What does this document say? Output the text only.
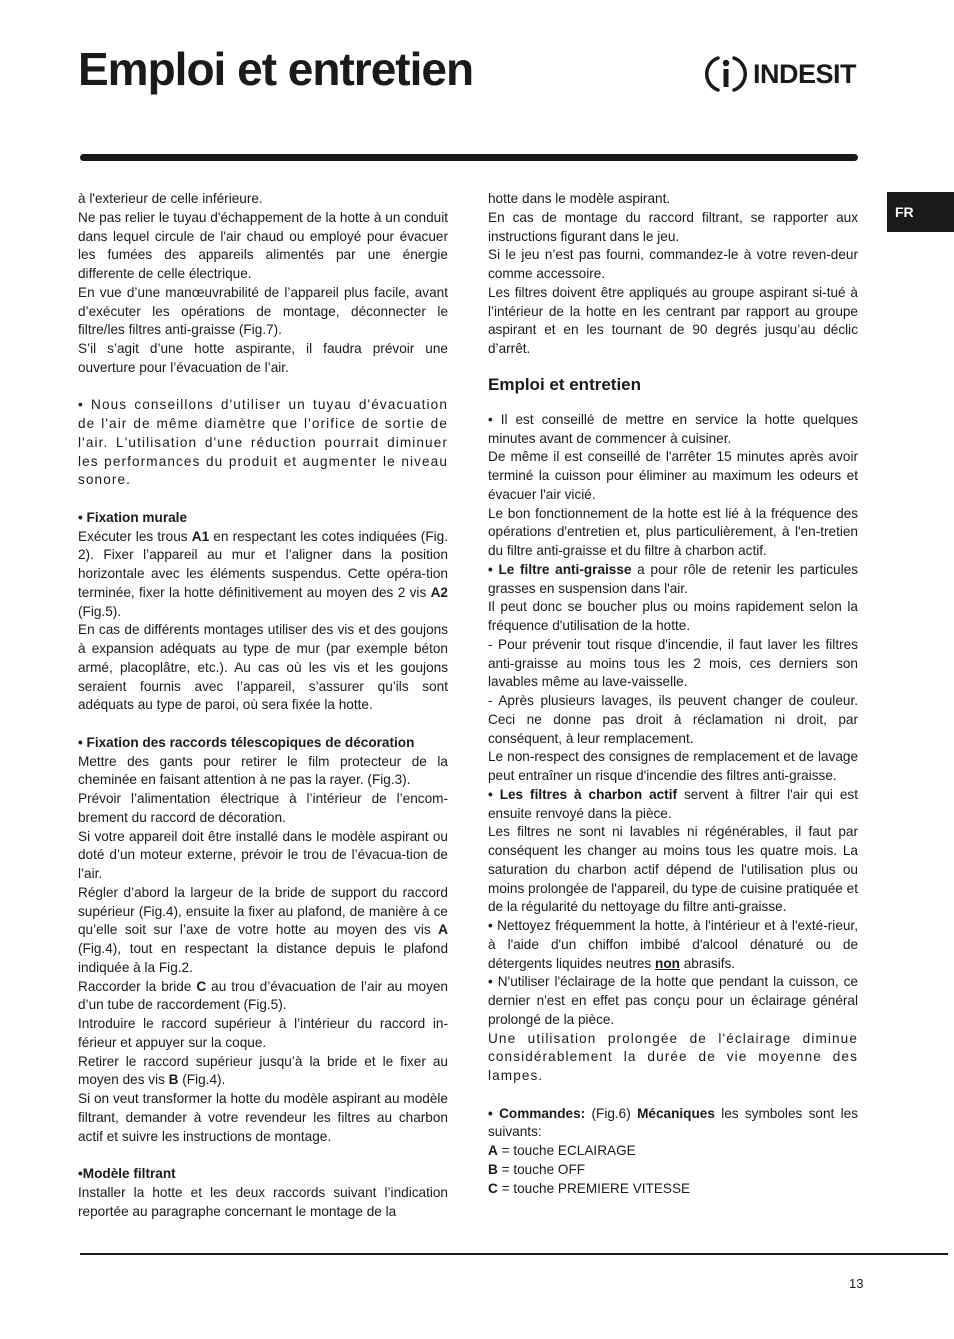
Emploi et entretien	INDESIT
FR

à l'exterieur de celle inférieure.

Ne pas relier le tuyau d'échappement de la hotte à un conduit dans lequel circule de l'air chaud ou employé pour évacuer les fumées des appareils alimentés par une énergie differente de celle électrique.

En vue d’une manœuvrabilité de l’appareil plus facile, avant d’exécuter les opérations de montage, déconnecter le filtre/les filtres anti-graisse (Fig.7).

S’il s’agit d’une hotte aspirante, il faudra prévoir une ouverture pour l’évacuation de l’air.

• Nous conseillons d'utiliser un tuyau d'évacuation de l'air de même diamètre que l'orifice de sortie de l'air. L'utilisation d'une réduction pourrait diminuer les performances du produit et augmenter le niveau sonore.

• Fixation murale

Exécuter les trous A1 en respectant les cotes indiquées (Fig. 2). Fixer l’appareil au mur et l’aligner dans la position horizontale avec les éléments suspendus. Cette opéra-tion terminée, fixer la hotte définitivement au moyen des 2 vis A2 (Fig.5).

En cas de différents montages utiliser des vis et des goujons à expansion adéquats au type de mur (par exemple béton armé, placoplâtre, etc.). Au cas où les vis et les goujons seraient fournis avec l’appareil, s’assurer qu’ils sont adéquats au type de paroi, où sera fixée la hotte.

• Fixation des raccords télescopiques de décoration

Mettre des gants pour retirer le film protecteur de la cheminée en faisant attention à ne pas la rayer. (Fig.3).

Prévoir l’alimentation électrique à l’intérieur de l’encom-brement du raccord de décoration.

Si votre appareil doit être installé dans le modèle aspirant ou doté d’un moteur externe, prévoir le trou de l’évacua-tion de l’air.

Régler d’abord la largeur de la bride de support du raccord supérieur (Fig.4), ensuite la fixer au plafond, de manière à ce qu’elle soit sur l’axe de votre hotte au moyen des vis A (Fig.4), tout en respectant la distance depuis le plafond indiquée à la Fig.2.

Raccorder la bride C au trou d’évacuation de l’air au moyen d’un tube de raccordement (Fig.5).

Introduire le raccord supérieur à l’intérieur du raccord in-férieur et appuyer sur la coque.

Retirer le raccord supérieur jusqu’à la bride et le fixer au moyen des vis B (Fig.4).

Si on veut transformer la hotte du modèle aspirant au modèle filtrant, demander à votre revendeur les filtres au charbon actif et suivre les instructions de montage.

•Modèle filtrant

Installer la hotte et les deux raccords suivant l’indication reportée au paragraphe concernant le montage de la

hotte dans le modèle aspirant.

En cas de montage du raccord filtrant, se rapporter aux instructions figurant dans le jeu.

Si le jeu n’est pas fourni, commandez-le à votre reven-deur comme accessoire.

Les filtres doivent être appliqués au groupe aspirant si-tué à l’intérieur de la hotte en les centrant par rapport au groupe aspirant et en les tournant de 90 degrés jusqu’au déclic d’arrêt.

Emploi et entretien

• Il est conseillé de mettre en service la hotte quelques minutes avant de commencer à cuisiner.

De même il est conseillé de l'arrêter 15 minutes après avoir terminé la cuisson pour éliminer au maximum les odeurs et évacuer l'air vicié.

Le bon fonctionnement de la hotte est lié à la fréquence des opérations d'entretien et, plus particulièrement, à l'en-tretien du filtre anti-graisse et du filtre à charbon actif.

• Le filtre anti-graisse a pour rôle de retenir les particules grasses en suspension dans l'air.

Il peut donc se boucher plus ou moins rapidement selon la fréquence d'utilisation de la hotte.

- Pour prévenir tout risque d'incendie, il faut laver les filtres anti-graisse au moins tous les 2 mois, ces derniers son lavables même au lave-vaisselle.

- Après plusieurs lavages, ils peuvent changer de couleur. Ceci ne donne pas droit à réclamation ni droit, par conséquent, à leur remplacement.

Le non-respect des consignes de remplacement et de lavage peut entraîner un risque d'incendie des filtres anti-graisse.

• Les filtres à charbon actif servent à filtrer l'air qui est ensuite renvoyé dans la pièce.

Les filtres ne sont ni lavables ni régénérables, il faut par conséquent les changer au moins tous les quatre mois. La saturation du charbon actif dépend de l'utilisation plus ou moins prolongée de l'appareil, du type de cuisine pratiquée et de la régularité du nettoyage du filtre anti-graisse.

• Nettoyez fréquemment la hotte, à l'intérieur et à l'exté-rieur, à l'aide d'un chiffon imbibé d'alcool dénaturé ou de détergents liquides neutres non abrasifs.

• N'utiliser l'éclairage de la hotte que pendant la cuisson, ce dernier n'est en effet pas conçu pour un éclairage général prolongé de la pièce.

Une utilisation prolongée de l'éclairage diminue considérablement la durée de vie moyenne des lampes.

• Commandes: (Fig.6) Mécaniques les symboles sont les suivants:

A = touche ECLAIRAGE

B = touche OFF

C = touche PREMIERE VITESSE

13
